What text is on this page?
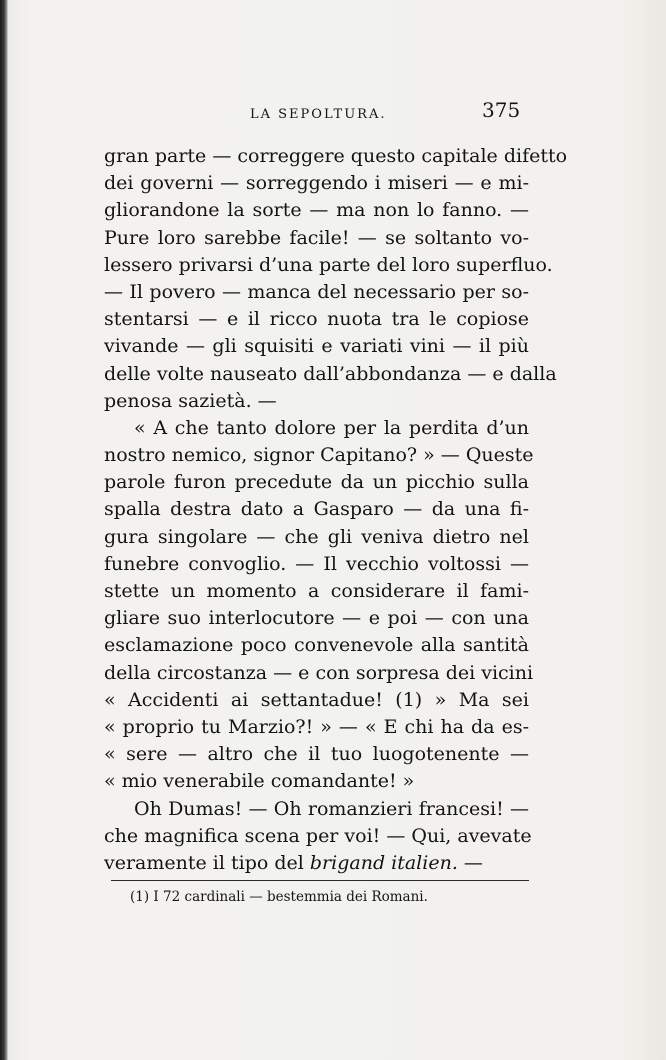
LA SEPOLTURA.	375
gran parte — correggere questo capitale difetto
dei governi — sorreggendo i miseri — e mi-
gliorandone la sorte — ma non lo fanno. —
Pure loro sarebbe facile! — se soltanto vo-
lessero privarsi d’una parte del loro superfluo.
— Il povero — manca del necessario per so-
stentarsi — e il ricco nuota tra le copiose
vivande — gli squisiti e variati vini — il più
delle volte nauseato dall’abbondanza — e dalla
penosa sazietà. —
« A che tanto dolore per la perdita d’un
nostro nemico, signor Capitano? » — Queste
parole furon precedute da un picchio sulla
spalla destra dato a Gasparo — da una fi-
gura singolare — che gli veniva dietro nel
funebre convoglio. — Il vecchio voltossi —
stette un momento a considerare il fami-
gliare suo interlocutore — e poi — con una
esclamazione poco convenevole alla santità
della circostanza — e con sorpresa dei vicini
« Accidenti ai settantadue! (1) » Ma sei
« proprio tu Marzio?! » — « E chi ha da es-
« sere — altro che il tuo luogotenente —
« mio venerabile comandante! »
Oh Dumas! — Oh romanzieri francesi! —
che magnifica scena per voi! — Qui, avevate
veramente il tipo del brigand italien. —
(1) I 72 cardinali — bestemmia dei Romani.
